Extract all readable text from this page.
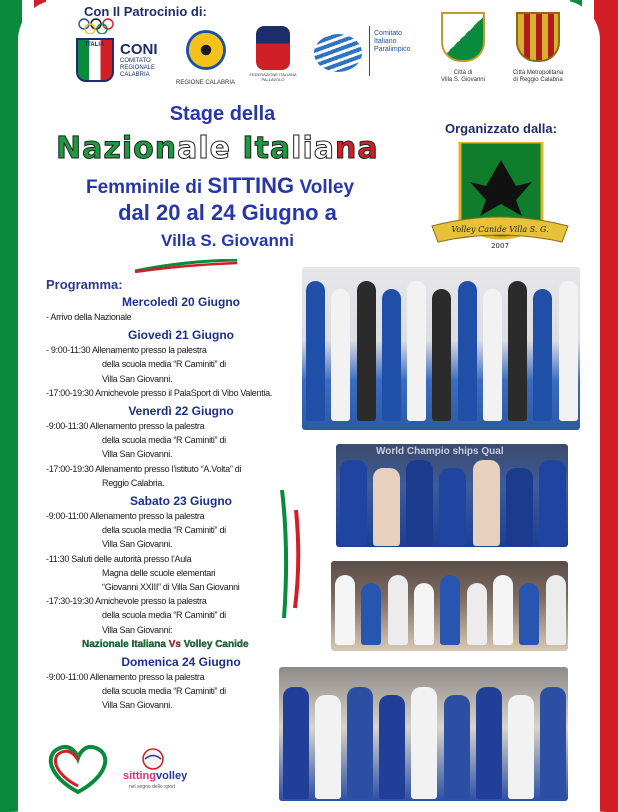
Con Il Patrocinio di:
ITALIA	CONI
COMITATO REGIONALE CALABRIA
REGIONE CALABRIA
FEDERAZIONE ITALIANA PALLAVOLO
Comitato
Italiano
Paralimpico
Città di
Villa S. Giovanni
Città Metropolitana
di Reggio Calabria
Stage della
Nazionale Italiana
Femminile di SITTING Volley
dal 20 al 24 Giugno a
Villa S. Giovanni
Organizzato dalla:
Volley Canide Villa S. G.
2007
Programma:
Mercoledì 20 Giugno
- Arrivo della Nazionale
Giovedì 21 Giugno
- 9:00-11:30 Allenamento presso la palestra
della scuola media “R Caminiti” di
Villa San Giovanni.
-17:00-19:30 Amichevole presso il PalaSport di Vibo Valentia.
Venerdì 22 Giugno
-9:00-11:30 Allenamento presso la palestra
della scuola media “R Caminiti” di
Villa San Giovanni.
-17:00-19:30 Allenamento presso l’istituto “A.Volta” di
Reggio Calabria.
Sabato 23 Giugno
-9:00-11:00 Allenamento presso la palestra
della scuola media “R Caminiti” di
Villa San Giovanni.
-11:30 Saluti delle autorità presso l’Aula
Magna delle scuole elementari
“Giovanni XXIII” di Villa San Giovanni
-17:30-19:30 Amichevole presso la palestra
della scuola media “R Caminiti” di
Villa San Giovanni:
Nazionale Italiana Vs Volley Canide
Domenica 24 Giugno
-9:00-11:00 Allenamento presso la palestra
della scuola media “R Caminiti” di
Villa San Giovanni.
World Champio ships Qual
sittingvolley
nel segno dello sport
